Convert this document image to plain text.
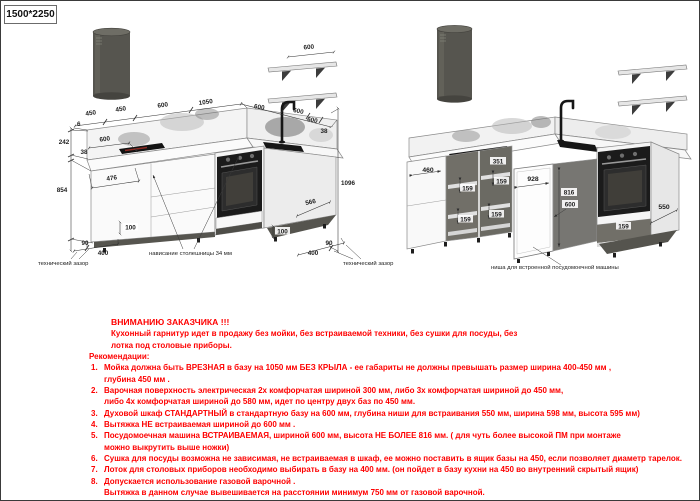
1500*2250
450	450	600	1050
600	600
600
38
6
242
38
854
600
476
100
90
400
1096
566
100
400
90
600
технический зазор
нависание столешницы 34 мм
технический зазор
460
351
159
159
159
159
928
816
600	550
159
ниша для встроенной посудомоечной машины
ВНИМАНИЮ ЗАКАЗЧИКА !!!
Кухонный гарнитур идет в продажу без мойки, без встраиваемой техники, без сушки для посуды, без
лотка под столовые приборы.
Рекомендации:
1. Мойка должна быть ВРЕЗНАЯ в базу на 1050 мм БЕЗ КРЫЛА - ее габариты не должны превышать размер ширина 400-450 мм ,
глубина 450 мм .
2. Варочная поверхность электрическая 2х комфорчатая шириной 300 мм, либо 3х комфорчатая шириной до 450 мм,
либо 4х комфорчатая шириной до 580 мм, идет по центру двух баз по 450 мм.
3. Духовой шкаф СТАНДАРТНЫЙ в стандартную базу на 600 мм, глубина ниши для встраивания 550 мм, ширина 598 мм, высота 595 мм)
4. Вытяжка НЕ встраиваемая шириной до 600 мм .
5. Посудомоечная машина ВСТРАИВАЕМАЯ, шириной 600 мм, высота НЕ БОЛЕЕ 816 мм. ( для чуть более высокой ПМ при монтаже
можно выкрутить выше ножки)
6. Сушка для посуды возможна не зависимая, не встраиваемая в шкаф, ее можно поставить в ящик базы на 450, если позволяет диаметр тарелок.
7. Лоток для столовых приборов необходимо выбирать в базу на 400 мм. (он пойдет в базу кухни на 450 во внутренний скрытый ящик)
8. Допускается использование газовой варочной .
Вытяжка в данном случае вывешивается на расстоянии минимум 750 мм от газовой варочной.
